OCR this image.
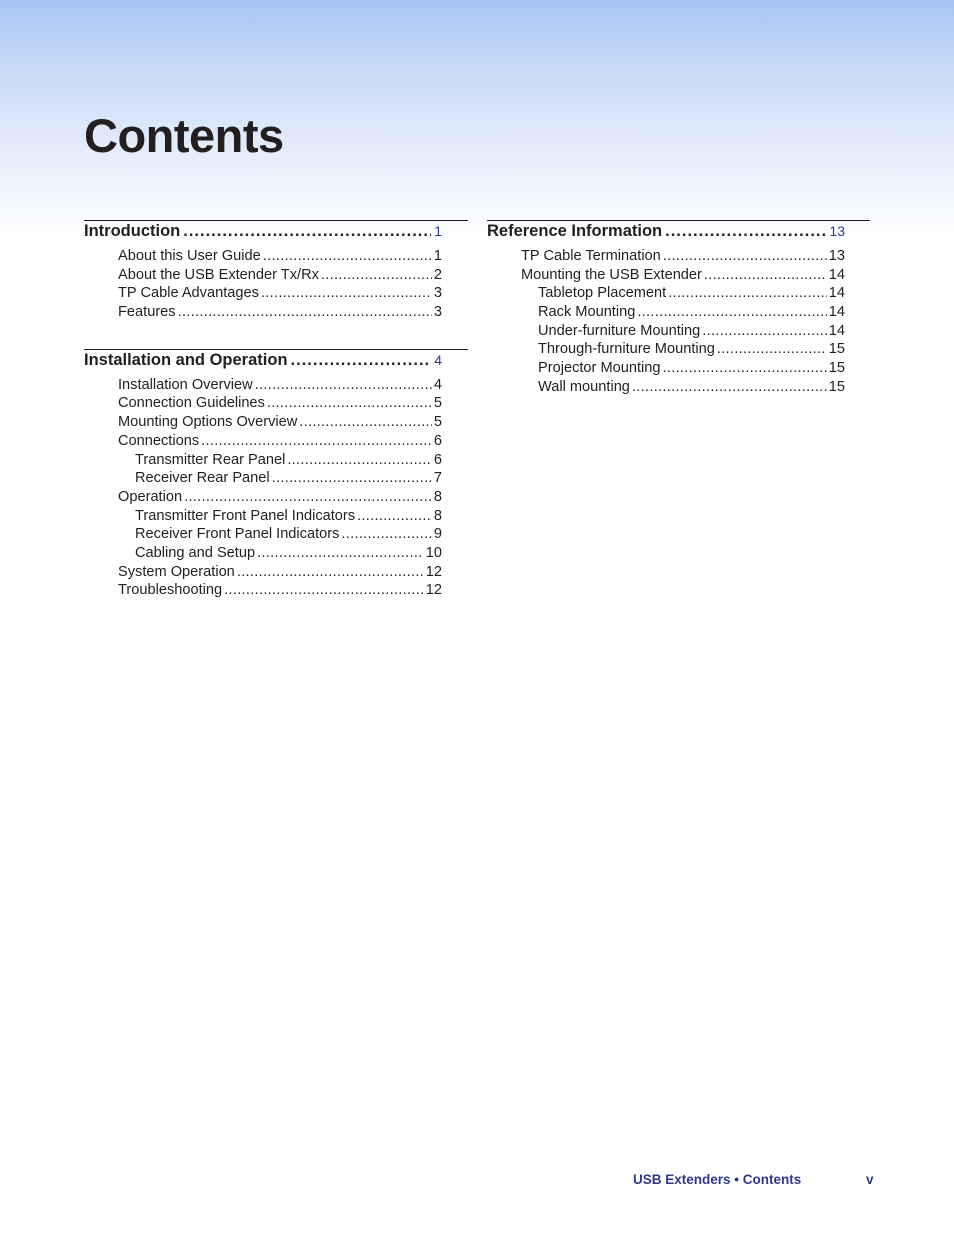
Contents
Introduction .....	1
About this User Guide .....	1
About the USB Extender Tx/Rx .....	2
TP Cable Advantages .....	3
Features .....	3
Installation and Operation .....	4
Installation Overview .....	4
Connection Guidelines .....	5
Mounting Options Overview .....	5
Connections .....	6
Transmitter Rear Panel .....	6
Receiver Rear Panel .....	7
Operation .....	8
Transmitter Front Panel Indicators .....	8
Receiver Front Panel Indicators .....	9
Cabling and Setup .....	10
System Operation .....	12
Troubleshooting .....	12
Reference Information .....	13
TP Cable Termination .....	13
Mounting the USB Extender .....	14
Tabletop Placement .....	14
Rack Mounting .....	14
Under-furniture Mounting .....	14
Through-furniture Mounting .....	15
Projector Mounting .....	15
Wall mounting .....	15
USB Extenders • Contents	v
